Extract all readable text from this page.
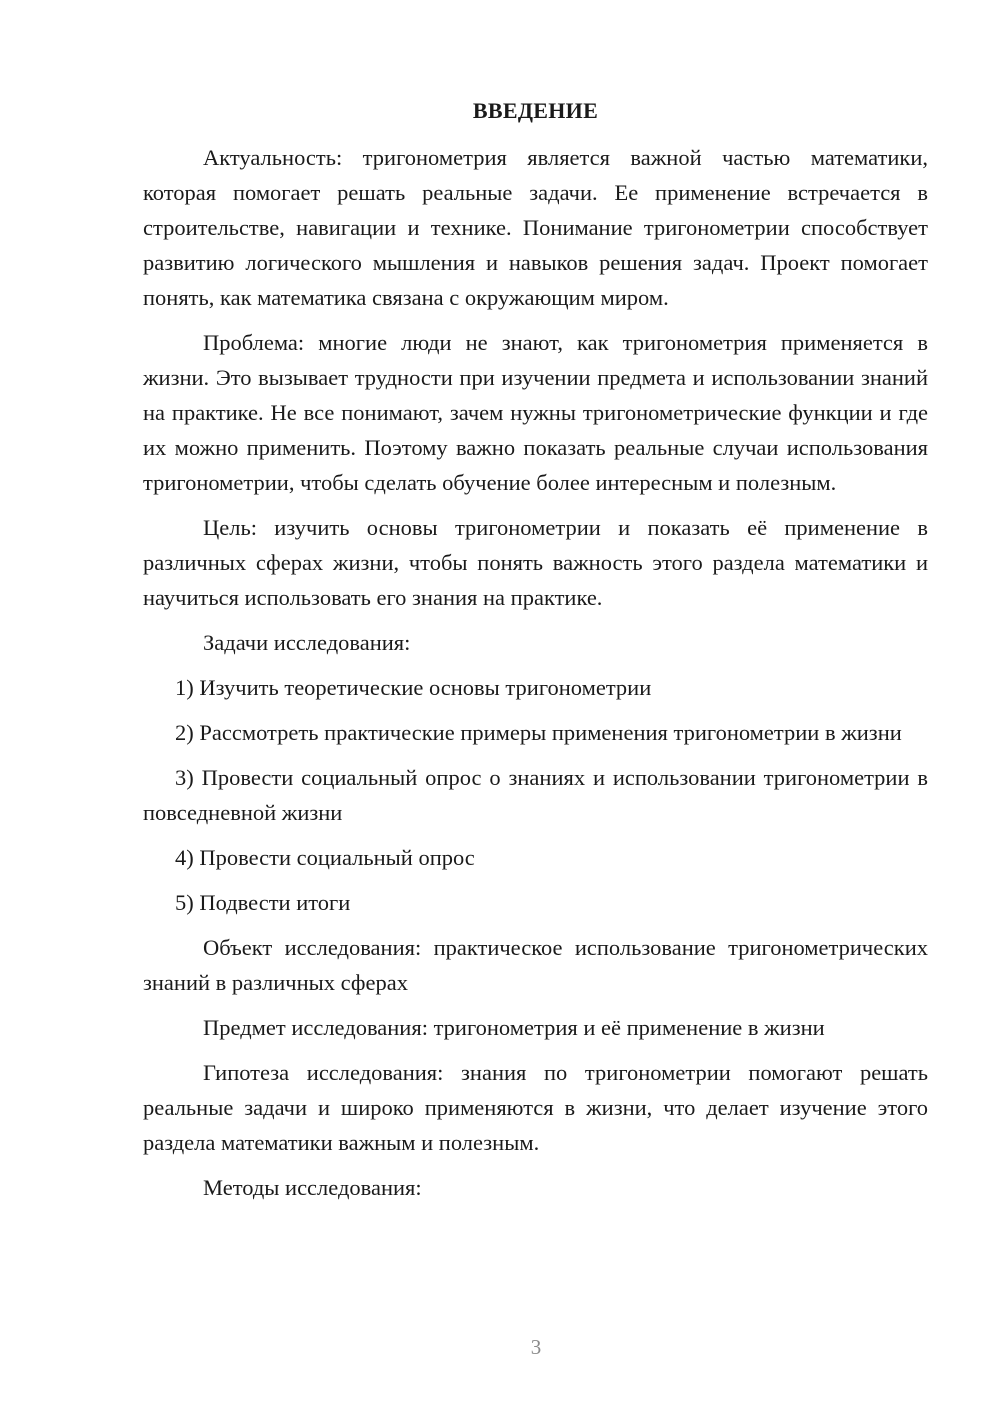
ВВЕДЕНИЕ

Актуальность: тригонометрия является важной частью математики, которая помогает решать реальные задачи. Ее применение встречается в строительстве, навигации и технике. Понимание тригонометрии способствует развитию логического мышления и навыков решения задач. Проект помогает понять, как математика связана с окружающим миром.

Проблема: многие люди не знают, как тригонометрия применяется в жизни. Это вызывает трудности при изучении предмета и использовании знаний на практике. Не все понимают, зачем нужны тригонометрические функции и где их можно применить. Поэтому важно показать реальные случаи использования тригонометрии, чтобы сделать обучение более интересным и полезным.

Цель: изучить основы тригонометрии и показать её применение в различных сферах жизни, чтобы понять важность этого раздела математики и научиться использовать его знания на практике.

Задачи исследования:

1) Изучить теоретические основы тригонометрии

2) Рассмотреть практические примеры применения тригонометрии в жизни

3) Провести социальный опрос о знаниях и использовании тригонометрии в повседневной жизни

4) Провести социальный опрос

5) Подвести итоги

Объект исследования: практическое использование тригонометрических знаний в различных сферах

Предмет исследования: тригонометрия и её применение в жизни

Гипотеза исследования: знания по тригонометрии помогают решать реальные задачи и широко применяются в жизни, что делает изучение этого раздела математики важным и полезным.

Методы исследования:

3
